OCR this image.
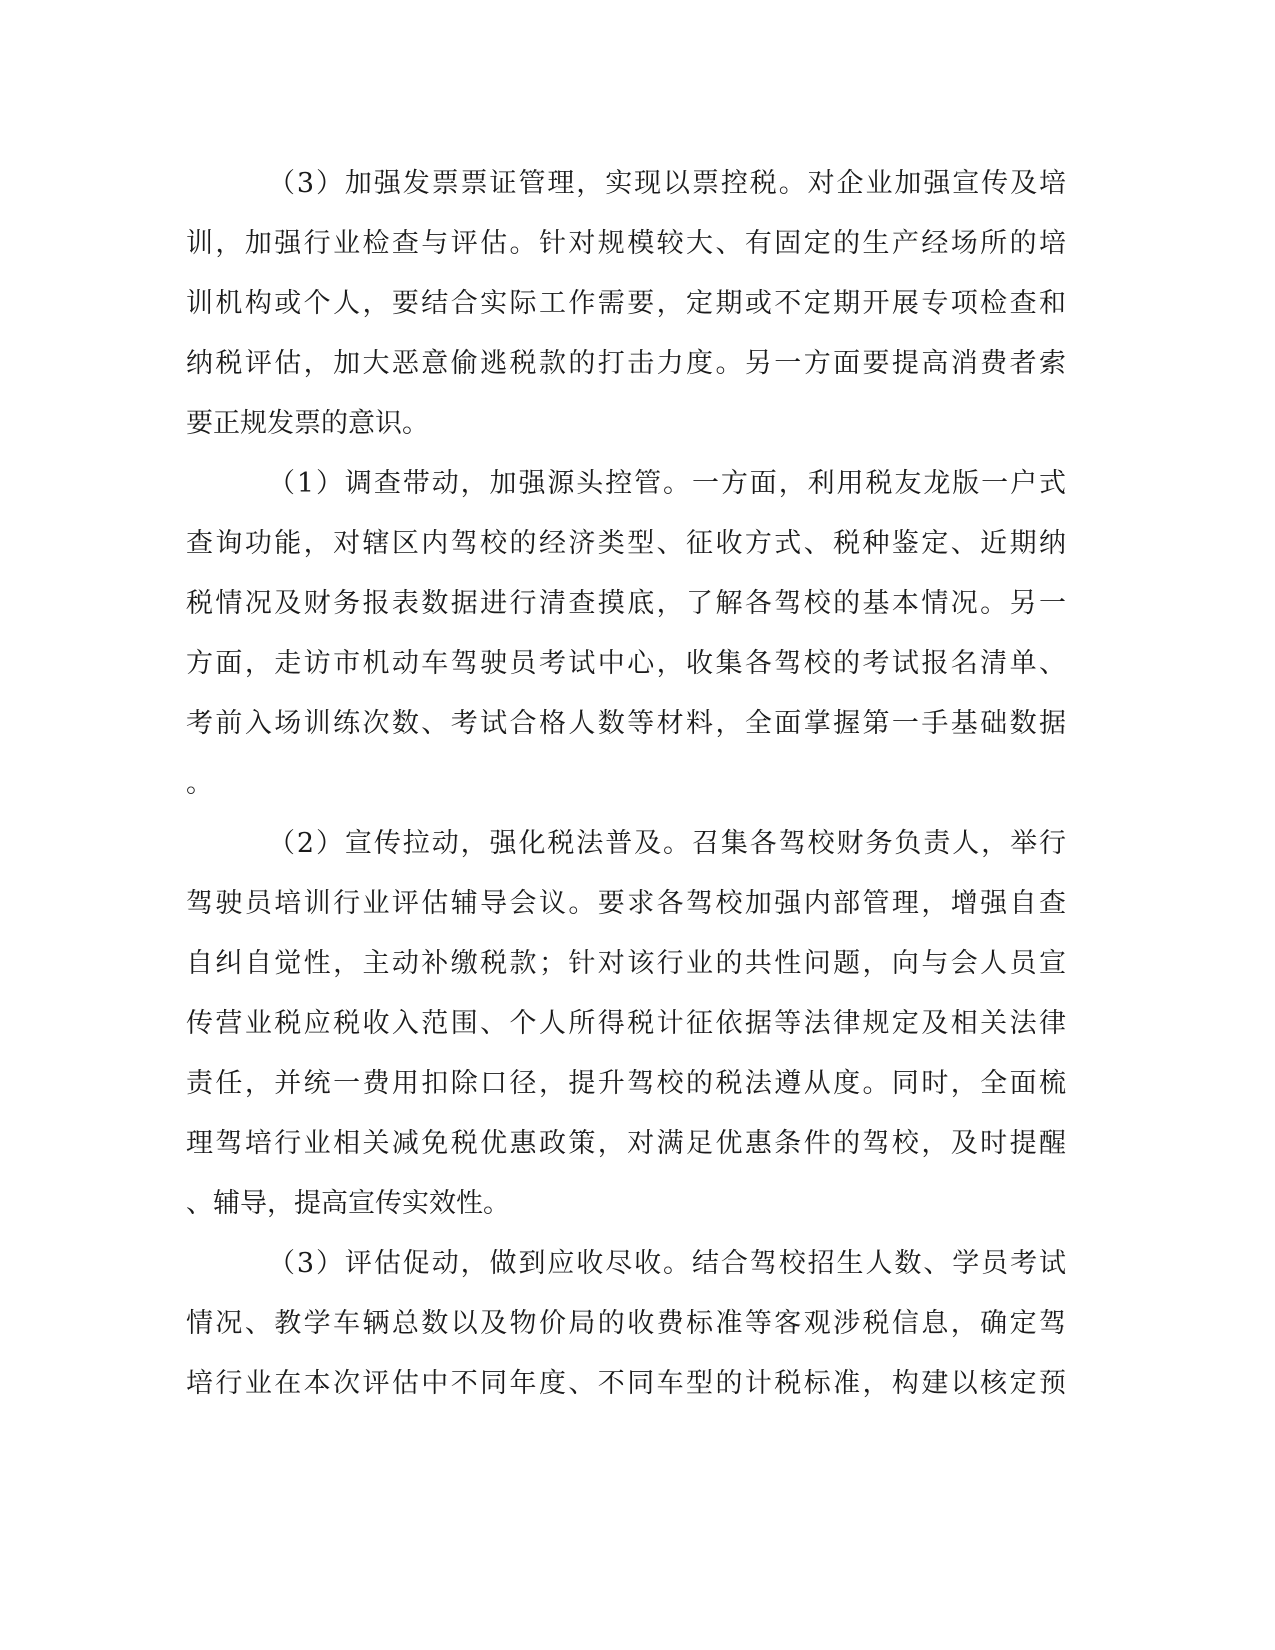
（3）加强发票票证管理，实现以票控税。对企业加强宣传及培
训，加强行业检查与评估。针对规模较大、有固定的生产经场所的培
训机构或个人，要结合实际工作需要，定期或不定期开展专项检查和
纳税评估，加大恶意偷逃税款的打击力度。另一方面要提高消费者索
要正规发票的意识。
（1）调查带动，加强源头控管。一方面，利用税友龙版一户式
查询功能，对辖区内驾校的经济类型、征收方式、税种鉴定、近期纳
税情况及财务报表数据进行清查摸底，了解各驾校的基本情况。另一
方面，走访市机动车驾驶员考试中心，收集各驾校的考试报名清单、
考前入场训练次数、考试合格人数等材料，全面掌握第一手基础数据
。
（2）宣传拉动，强化税法普及。召集各驾校财务负责人，举行
驾驶员培训行业评估辅导会议。要求各驾校加强内部管理，增强自查
自纠自觉性，主动补缴税款；针对该行业的共性问题，向与会人员宣
传营业税应税收入范围、个人所得税计征依据等法律规定及相关法律
责任，并统一费用扣除口径，提升驾校的税法遵从度。同时，全面梳
理驾培行业相关减免税优惠政策，对满足优惠条件的驾校，及时提醒
、辅导，提高宣传实效性。
（3）评估促动，做到应收尽收。结合驾校招生人数、学员考试
情况、教学车辆总数以及物价局的收费标准等客观涉税信息，确定驾
培行业在本次评估中不同年度、不同车型的计税标准，构建以核定预
